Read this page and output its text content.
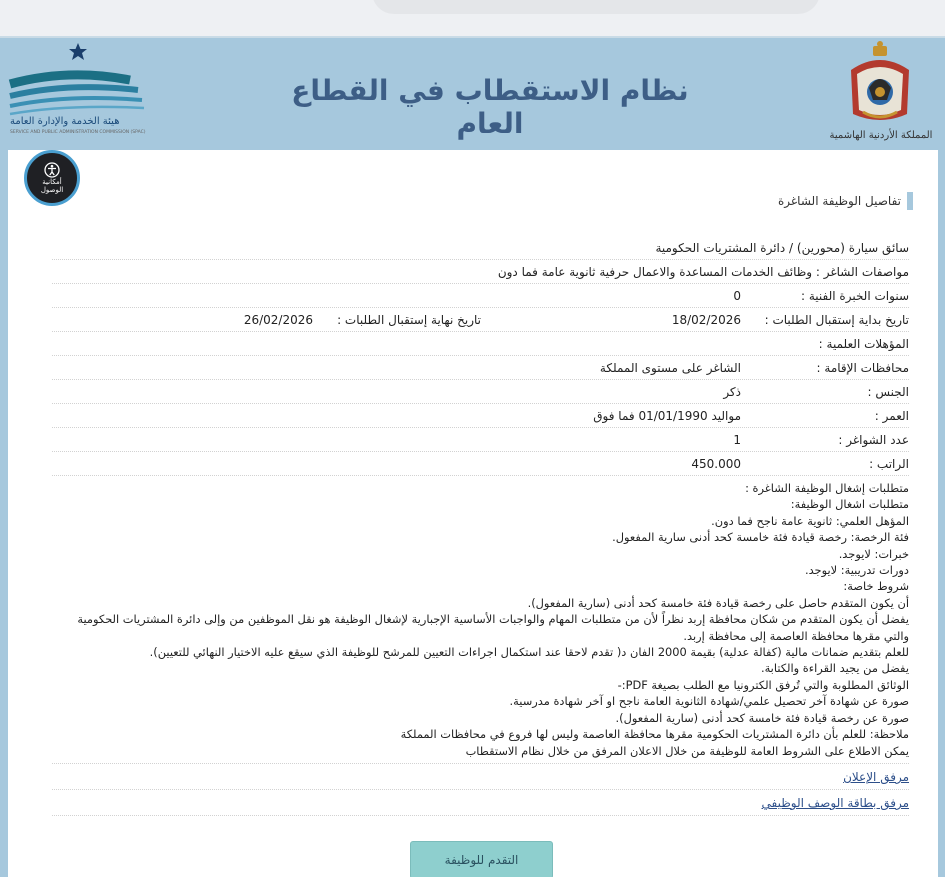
المملكة الأردنية الهاشمية
نظام الاستقطاب في القطاع العام
هيئة الخدمة والإدارة العامة
SERVICE AND PUBLIC ADMINISTRATION COMMISSION (SPAC)
أمكانية
الوصول
تفاصيل الوظيفة الشاغرة
سائق سيارة (محورين) / دائرة المشتريات الحكومية
مواصفات الشاغر : وظائف الخدمات المساعدة والاعمال حرفية ثانوية عامة فما دون
سنوات الخبرة الفنية :
0
تاريخ بداية إستقبال الطلبات :
18/02/2026
تاريخ نهاية إستقبال الطلبات :
26/02/2026
المؤهلات العلمية :
محافظات الإقامة :
الشاغر على مستوى المملكة
الجنس :
ذكر
العمر :
مواليد 01/01/1990 فما فوق
عدد الشواغر :
1
الراتب :
450.000

متطلبات إشغال الوظيفة الشاغرة :

متطلبات اشغال الوظيفة:

المؤهل العلمي: ثانوية عامة ناجح فما دون.

فئة الرخصة: رخصة قيادة فئة خامسة كحد أدنى سارية المفعول.

خبرات: لايوجد.

دورات تدريبية: لايوجد.

شروط خاصة:

أن يكون المتقدم حاصل على رخصة قيادة فئة خامسة كحد أدنى (سارية المفعول).

يفضل أن يكون المتقدم من شكان محافظة إربد نظراً لأن من متطلبات المهام والواجبات الأساسية الإجبارية لإشغال الوظيفة هو نقل الموظفين من وإلى دائرة المشتريات الحكومية والتي مقرها محافظة العاصمة إلى محافظة إربد.

للعلم بتقديم ضمانات مالية (كفالة عدلية) بقيمة 2000 الفان د( تقدم لاحقا عند استكمال اجراءات التعيين للمرشح للوظيفة الذي سيقع عليه الاختيار النهائي للتعيين).

يفضل من يجيد القراءة والكتابة.

الوثائق المطلوبة والتي تُرفق الكترونيا مع الطلب بصيغة PDF:-

صورة عن شهادة آخر تحصيل علمي/شهادة الثانوية العامة ناجح او آخر شهادة مدرسية.

صورة عن رخصة قيادة فئة خامسة كحد أدنى (سارية المفعول).

ملاحظة: للعلم بأن دائرة المشتريات الحكومية مقرها محافظة العاصمة وليس لها فروع في محافظات المملكة

يمكن الاطلاع على الشروط العامة للوظيفة من خلال الاعلان المرفق من خلال نظام الاستقطاب

مرفق الإعلان
مرفق بطاقة الوصف الوظيفي
التقدم للوظيفة
